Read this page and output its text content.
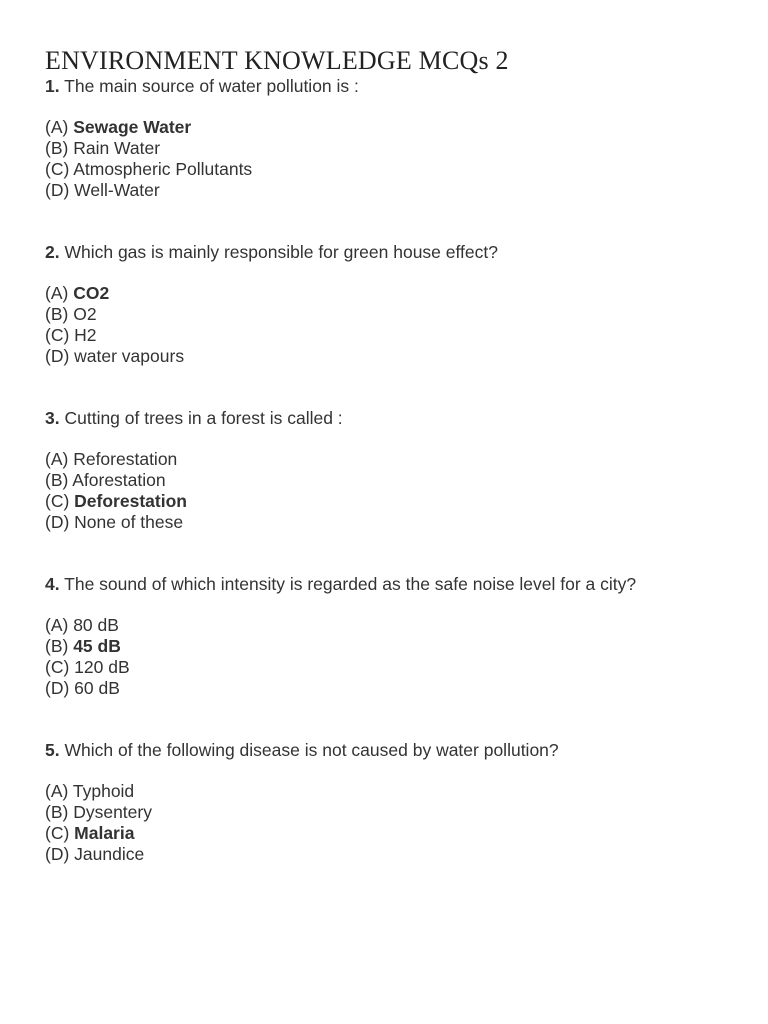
ENVIRONMENT KNOWLEDGE MCQs 2

1. The main source of water pollution is :

(A) Sewage Water
(B) Rain Water
(C) Atmospheric Pollutants
(D) Well-Water

2. Which gas is mainly responsible for green house effect?

(A) CO2
(B) O2
(C) H2
(D) water vapours

3. Cutting of trees in a forest is called :

(A) Reforestation
(B) Aforestation
(C) Deforestation
(D) None of these

4. The sound of which intensity is regarded as the safe noise level for a city?

(A) 80 dB
(B) 45 dB
(C) 120 dB
(D) 60 dB

5. Which of the following disease is not caused by water pollution?

(A) Typhoid
(B) Dysentery
(C) Malaria
(D) Jaundice
